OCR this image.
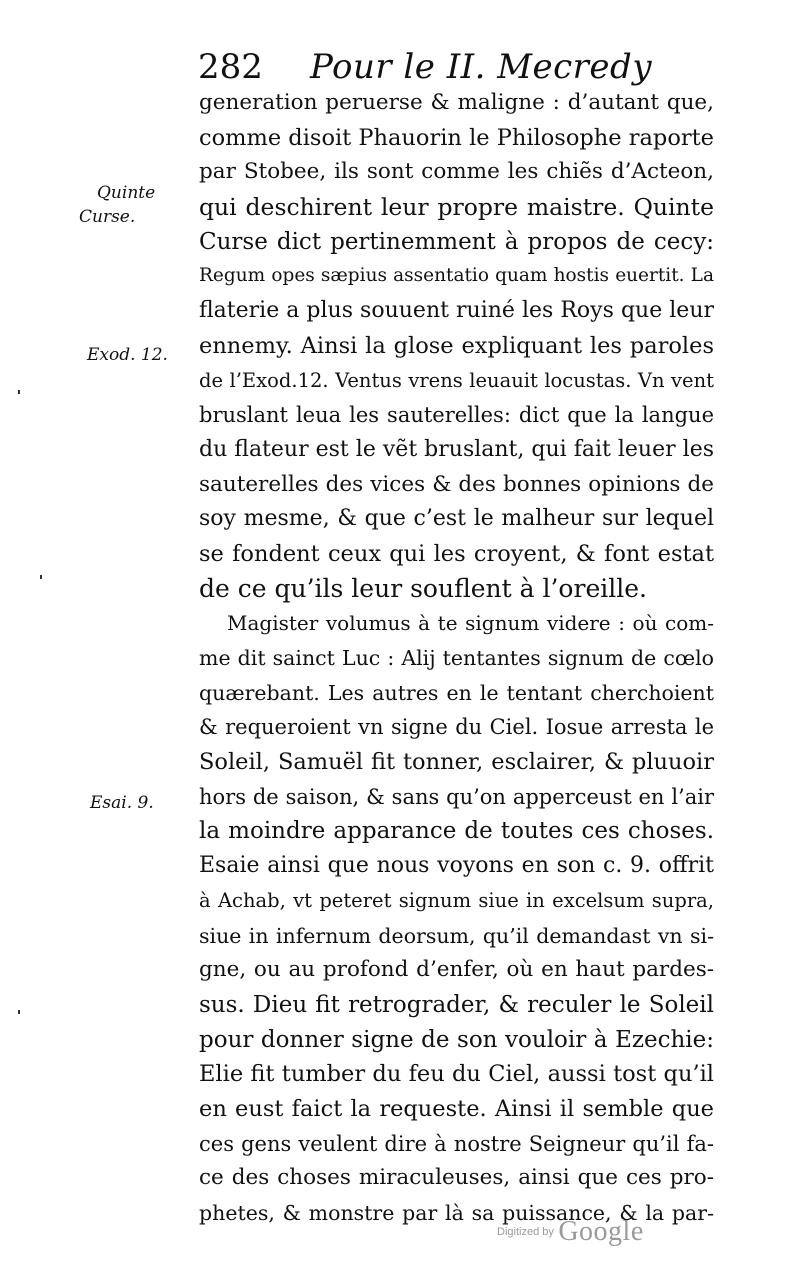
282 Pour le II. Mecredy
Quinte
Curse.
Exod. 12.
Esai. 9.
generation peruerse & maligne : d’autant que,
comme disoit Phauorin le Philosophe raporte
par Stobee, ils sont comme les chiẽs d’Acteon,
qui deschirent leur propre maistre. Quinte
Curse dict pertinemment à propos de cecy:
Regum opes sæpius assentatio quam hostis euertit. La
flaterie a plus souuent ruiné les Roys que leur
ennemy. Ainsi la glose expliquant les paroles
de l’Exod.12. Ventus vrens leuauit locustas. Vn vent
bruslant leua les sauterelles: dict que la langue
du flateur est le vẽt bruslant, qui fait leuer les
sauterelles des vices & des bonnes opinions de
soy mesme, & que c’est le malheur sur lequel
se fondent ceux qui les croyent, & font estat
de ce qu’ils leur souflent à l’oreille.
Magister volumus à te signum videre : où com-
me dit sainct Luc : Alij tentantes signum de cœlo
quærebant. Les autres en le tentant cherchoient
& requeroient vn signe du Ciel. Iosue arresta le
Soleil, Samuël fit tonner, esclairer, & pluuoir
hors de saison, & sans qu’on apperceust en l’air
la moindre apparance de toutes ces choses.
Esaie ainsi que nous voyons en son c. 9. offrit
à Achab, vt peteret signum siue in excelsum supra,
siue in infernum deorsum, qu’il demandast vn si-
gne, ou au profond d’enfer, où en haut pardes-
sus. Dieu fit retrograder, & reculer le Soleil
pour donner signe de son vouloir à Ezechie:
Elie fit tumber du feu du Ciel, aussi tost qu’il
en eust faict la requeste. Ainsi il semble que
ces gens veulent dire à nostre Seigneur qu’il fa-
ce des choses miraculeuses, ainsi que ces pro-
phetes, & monstre par là sa puissance, & la par-
Digitized by Google
